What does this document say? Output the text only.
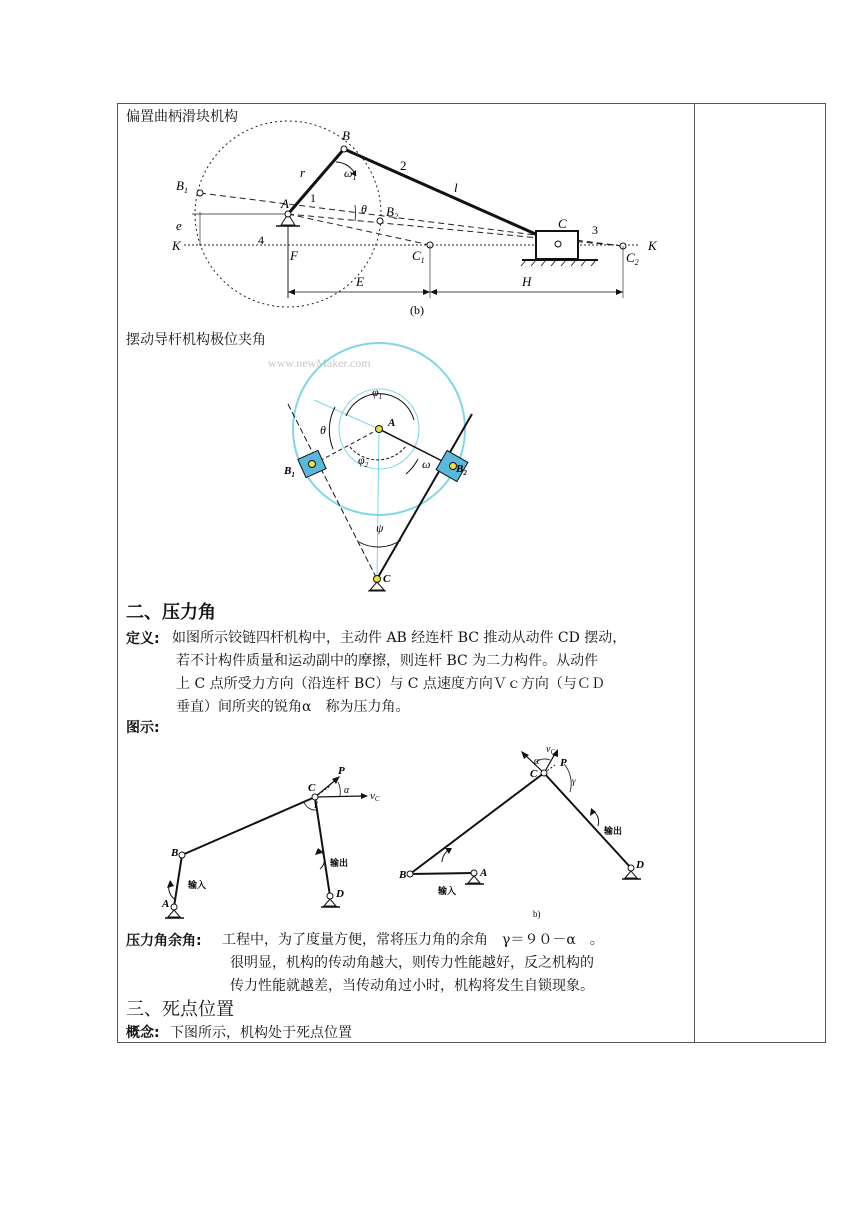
偏置曲柄滑块机构
B
$B_1$
A
r	$\omega_1$
1
2
l
θ $B_2$
e
K	4
F	$C_1$
C 3
$C_2$
K
E	H
(b)
摆动导杆机构极位夹角
www.newMaker.com
$\varphi_1$
A
θ
$B_1$
$\varphi_2$	ω $B_2$
ψ
C
二、压力角
定义: 如图所示铰链四杆机构中，主动件 AB 经连杆 BC 推动从动件 CD 摆动，
若不计构件质量和运动副中的摩擦，则连杆 BC 为二力构件。从动件
上 C 点所受力方向（沿连杆 BC）与 C 点速度方向Ｖｃ方向（与ＣＤ
垂直）间所夹的锐角α　称为压力角。
图示:
P
C	α vC
γ
B
输出
输入
A
D
$v_C$
α P
C
γ
输出
B	A
输入
D
b)
压力角余角: 工程中，为了度量方便，常将压力角的余角　γ＝９０－α　。
很明显，机构的传动角越大，则传力性能越好，反之机构的
传力性能就越差，当传动角过小时，机构将发生自锁现象。
三、死点位置
概念: 下图所示，机构处于死点位置
